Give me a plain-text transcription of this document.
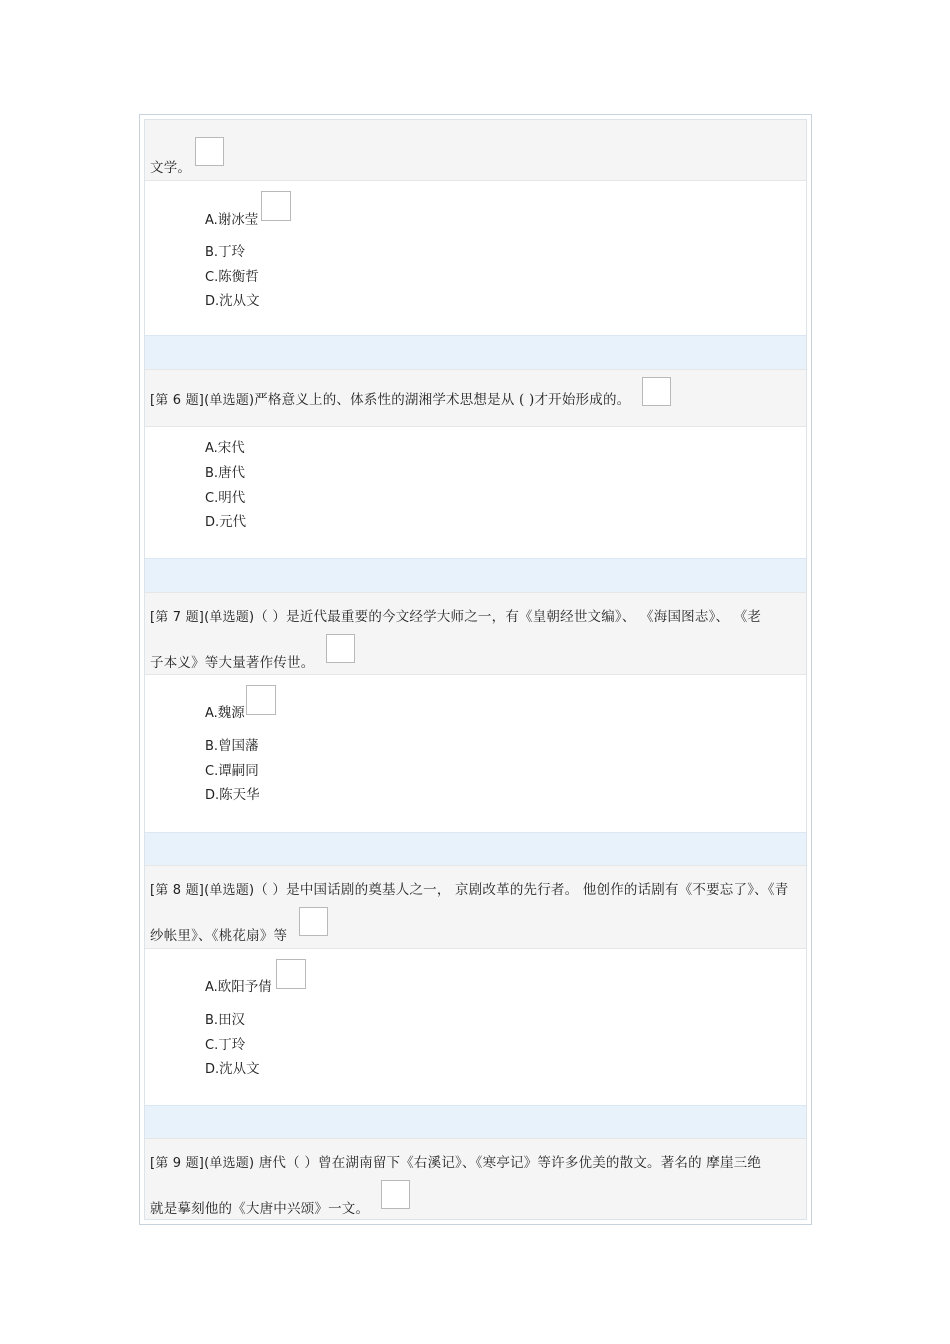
文学。
A.谢冰莹
B.丁玲
C.陈衡哲
D.沈从文
[第 6 题](单选题)严格意义上的、体系性的湖湘学术思想是从 ( )才开始形成的。
A.宋代
B.唐代
C.明代
D.元代
[第 7 题](单选题)（ ）是近代最重要的今文经学大师之一，有《皇朝经世文编》、 《海国图志》、 《老
子本义》等大量著作传世。
A.魏源
B.曾国藩
C.谭嗣同
D.陈天华
[第 8 题](单选题)（ ）是中国话剧的奠基人之一， 京剧改革的先行者。 他创作的话剧有《不要忘了》、《青
纱帐里》、《桃花扇》等
A.欧阳予倩
B.田汉
C.丁玲
D.沈从文
[第 9 题](单选题) 唐代（ ）曾在湖南留下《右溪记》、《寒亭记》等许多优美的散文。著名的 摩崖三绝
就是摹刻他的《大唐中兴颂》一文。
